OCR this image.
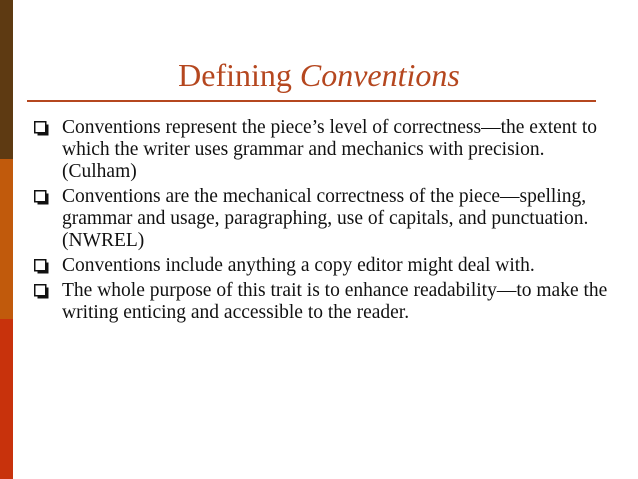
Defining Conventions
Conventions represent the piece’s level of correctness—the extent to which the writer uses grammar and mechanics with precision. (Culham)
Conventions are the mechanical correctness of the piece—spelling, grammar and usage, paragraphing, use of capitals, and punctuation. (NWREL)
Conventions include anything a copy editor might deal with.
The whole purpose of this trait is to enhance readability—to make the writing enticing and accessible to the reader.
